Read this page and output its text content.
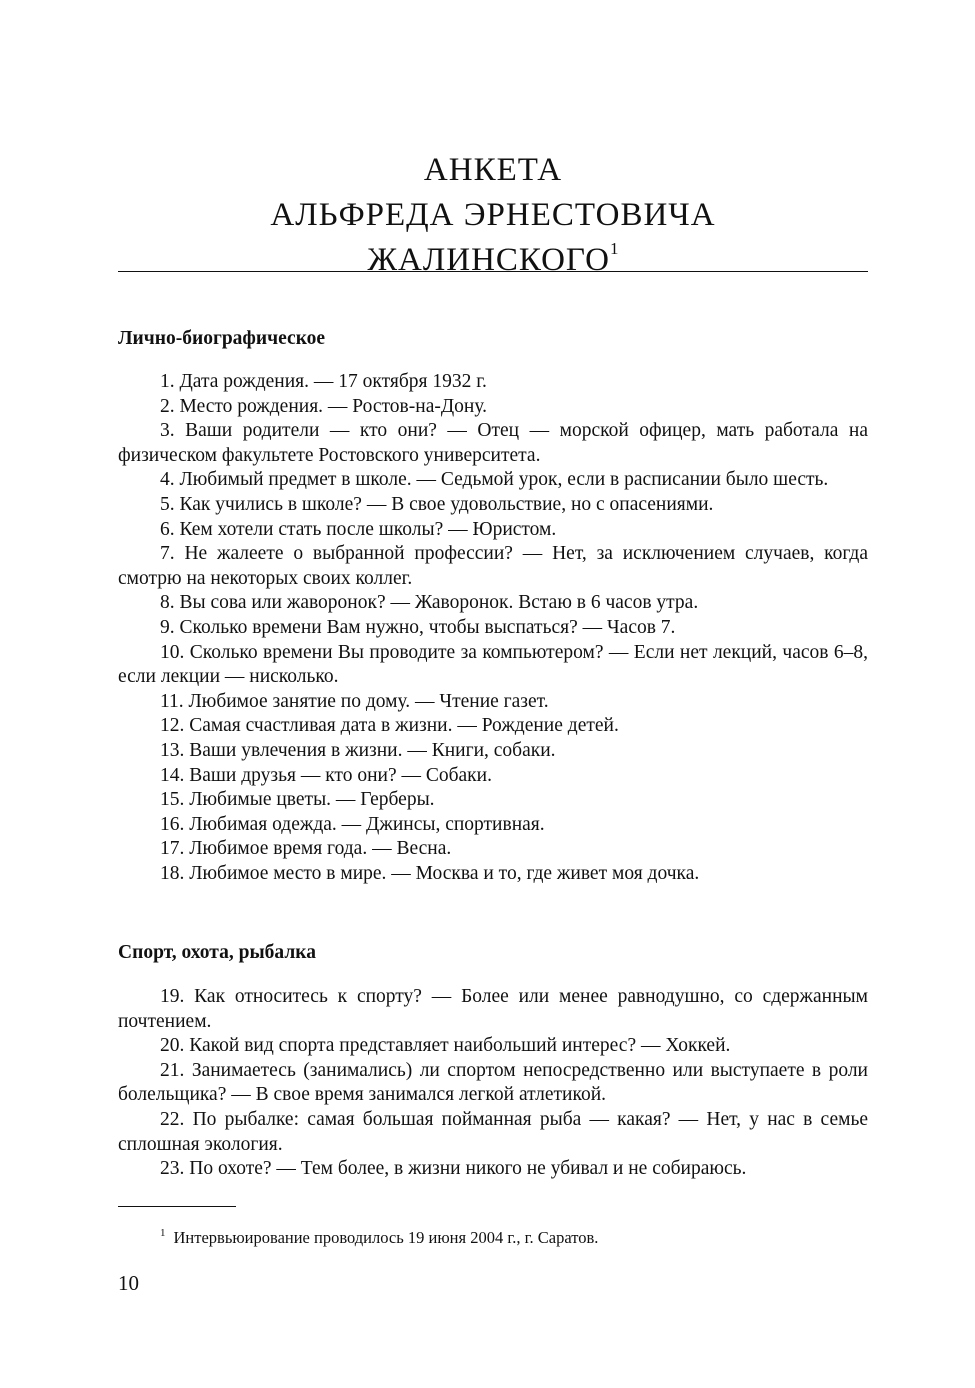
АНКЕТА
АЛЬФРЕДА ЭРНЕСТОВИЧА
ЖАЛИНСКОГО$^1$
Лично-биографическое

1. Дата рождения. — 17 октября 1932 г.

2. Место рождения. — Ростов-на-Дону.

3. Ваши родители — кто они? — Отец — морской офицер, мать работала на физическом факультете Ростовского университета.

4. Любимый предмет в школе. — Седьмой урок, если в расписании было шесть.

5. Как учились в школе? — В свое удовольствие, но с опасениями.

6. Кем хотели стать после школы? — Юристом.

7. Не жалеете о выбранной профессии? — Нет, за исключением случаев, когда смотрю на некоторых своих коллег.

8. Вы сова или жаворонок? — Жаворонок. Встаю в 6 часов утра.

9. Сколько времени Вам нужно, чтобы выспаться? — Часов 7.

10. Сколько времени Вы проводите за компьютером? — Если нет лекций, часов 6–8, если лекции — нисколько.

11. Любимое занятие по дому. — Чтение газет.

12. Самая счастливая дата в жизни. — Рождение детей.

13. Ваши увлечения в жизни. — Книги, собаки.

14. Ваши друзья — кто они? — Собаки.

15. Любимые цветы. — Герберы.

16. Любимая одежда. — Джинсы, спортивная.

17. Любимое время года. — Весна.

18. Любимое место в мире. — Москва и то, где живет моя дочка.

Спорт, охота, рыбалка

19. Как относитесь к спорту? — Более или менее равнодушно, со сдержанным почтением.

20. Какой вид спорта представляет наибольший интерес? — Хоккей.

21. Занимаетесь (занимались) ли спортом непосредственно или выступаете в роли болельщика? — В свое время занимался легкой атлетикой.

22. По рыбалке: самая большая пойманная рыба — какая? — Нет, у нас в семье сплошная экология.

23. По охоте? — Тем более, в жизни никого не убивал и не собираюсь.

$^1$ Интервьюирование проводилось 19 июня 2004 г., г. Саратов.
10
